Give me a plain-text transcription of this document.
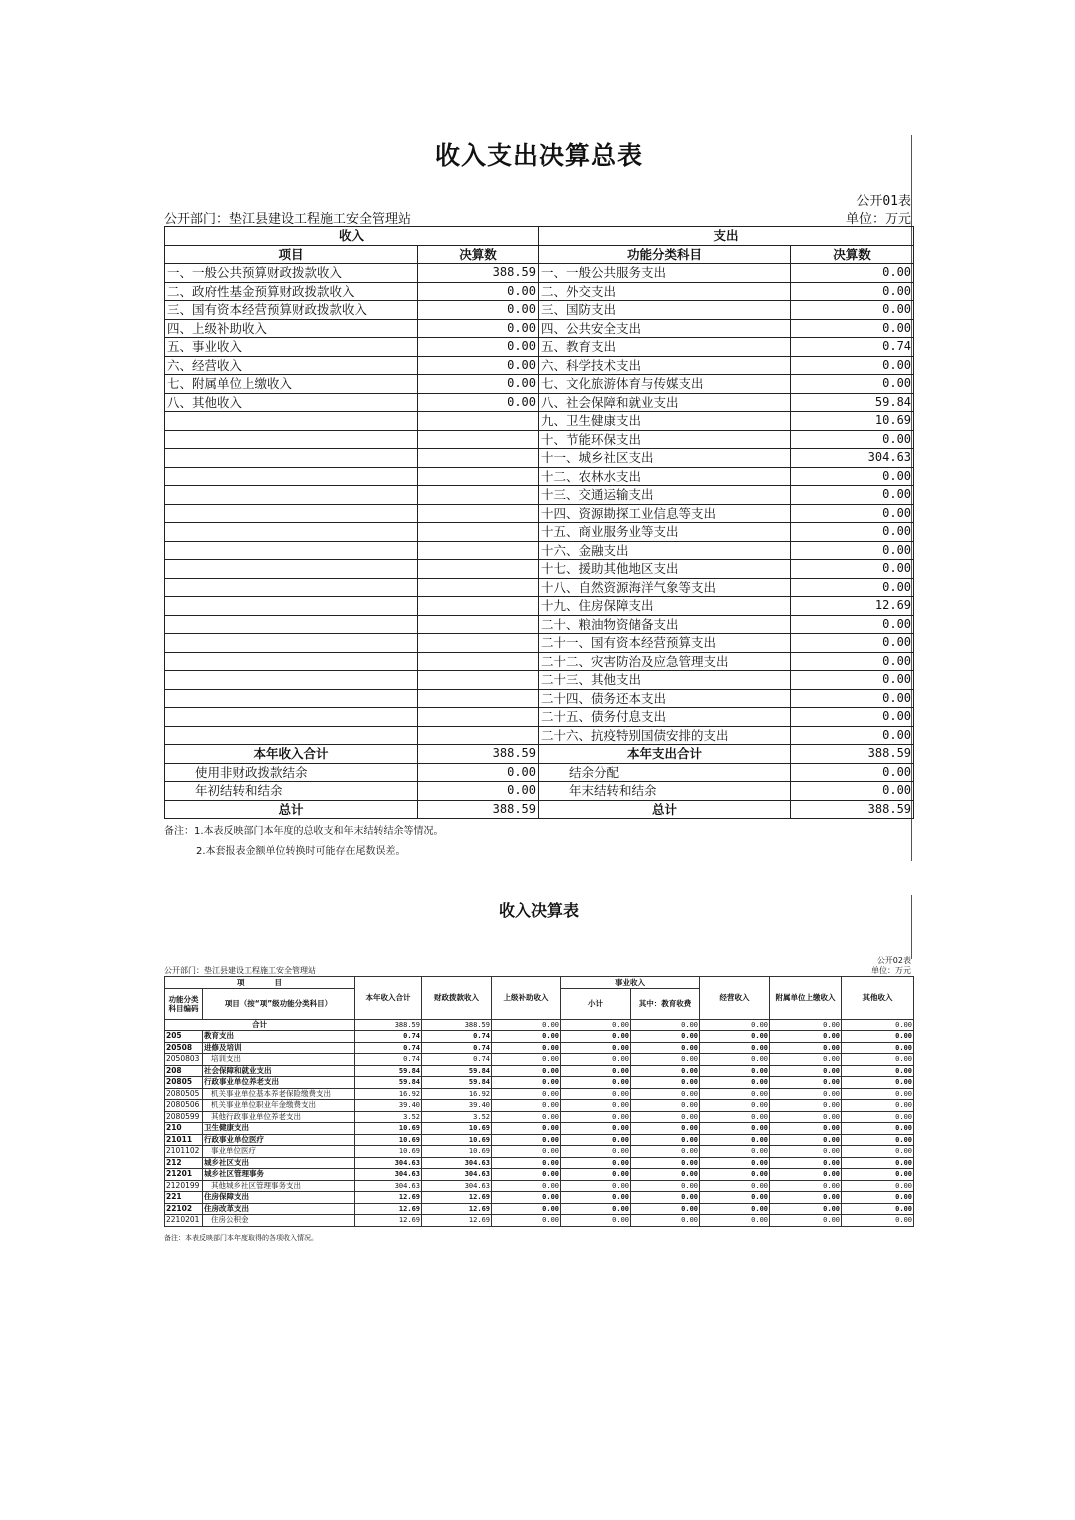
收入支出决算总表
公开01表
公开部门：垫江县建设工程施工安全管理站	单位：万元
收入		支出	
项目	决算数	功能分类科目	决算数
一、一般公共预算财政拨款收入	388.59	一、一般公共服务支出	0.00
二、政府性基金预算财政拨款收入	0.00	二、外交支出	0.00
三、国有资本经营预算财政拨款收入	0.00	三、国防支出	0.00
四、上级补助收入	0.00	四、公共安全支出	0.00
五、事业收入	0.00	五、教育支出	0.74
六、经营收入	0.00	六、科学技术支出	0.00
七、附属单位上缴收入	0.00	七、文化旅游体育与传媒支出	0.00
八、其他收入	0.00	八、社会保障和就业支出	59.84
		九、卫生健康支出	10.69
		十、节能环保支出	0.00
		十一、城乡社区支出	304.63
		十二、农林水支出	0.00
		十三、交通运输支出	0.00
		十四、资源勘探工业信息等支出	0.00
		十五、商业服务业等支出	0.00
		十六、金融支出	0.00
		十七、援助其他地区支出	0.00
		十八、自然资源海洋气象等支出	0.00
		十九、住房保障支出	12.69
		二十、粮油物资储备支出	0.00
		二十一、国有资本经营预算支出	0.00
		二十二、灾害防治及应急管理支出	0.00
		二十三、其他支出	0.00
		二十四、债务还本支出	0.00
		二十五、债务付息支出	0.00
		二十六、抗疫特别国债安排的支出	0.00
本年收入合计	388.59	本年支出合计	388.59
使用非财政拨款结余	0.00	结余分配	0.00
年初结转和结余	0.00	年末结转和结余	0.00
总计	388.59	总计	388.59
备注：1.本表反映部门本年度的总收支和年末结转结余等情况。
2.本套报表金额单位转换时可能存在尾数误差。
收入决算表
公开02表
单位：万元
公开部门：垫江县建设工程施工安全管理站
项　　　　目		本年收入合计	财政拨款收入	上级补助收入	事业收入		经营收入	附属单位上缴收入	其他收入
功能分类科目编码	项目（按“项”级功能分类科目）				小计	其中：教育收费			

合计		388.59	388.59	0.00	0.00	0.00	0.00	0.00	0.00
205	教育支出	0.74	0.74	0.00	0.00	0.00	0.00	0.00	0.00
20508	进修及培训	0.74	0.74	0.00	0.00	0.00	0.00	0.00	0.00
2050803	培训支出	0.74	0.74	0.00	0.00	0.00	0.00	0.00	0.00
208	社会保障和就业支出	59.84	59.84	0.00	0.00	0.00	0.00	0.00	0.00
20805	行政事业单位养老支出	59.84	59.84	0.00	0.00	0.00	0.00	0.00	0.00
2080505	机关事业单位基本养老保险缴费支出	16.92	16.92	0.00	0.00	0.00	0.00	0.00	0.00
2080506	机关事业单位职业年金缴费支出	39.40	39.40	0.00	0.00	0.00	0.00	0.00	0.00
2080599	其他行政事业单位养老支出	3.52	3.52	0.00	0.00	0.00	0.00	0.00	0.00
210	卫生健康支出	10.69	10.69	0.00	0.00	0.00	0.00	0.00	0.00
21011	行政事业单位医疗	10.69	10.69	0.00	0.00	0.00	0.00	0.00	0.00
2101102	事业单位医疗	10.69	10.69	0.00	0.00	0.00	0.00	0.00	0.00
212	城乡社区支出	304.63	304.63	0.00	0.00	0.00	0.00	0.00	0.00
21201	城乡社区管理事务	304.63	304.63	0.00	0.00	0.00	0.00	0.00	0.00
2120199	其他城乡社区管理事务支出	304.63	304.63	0.00	0.00	0.00	0.00	0.00	0.00
221	住房保障支出	12.69	12.69	0.00	0.00	0.00	0.00	0.00	0.00
22102	住房改革支出	12.69	12.69	0.00	0.00	0.00	0.00	0.00	0.00
2210201	住房公积金	12.69	12.69	0.00	0.00	0.00	0.00	0.00	0.00
备注：本表反映部门本年度取得的各项收入情况。
